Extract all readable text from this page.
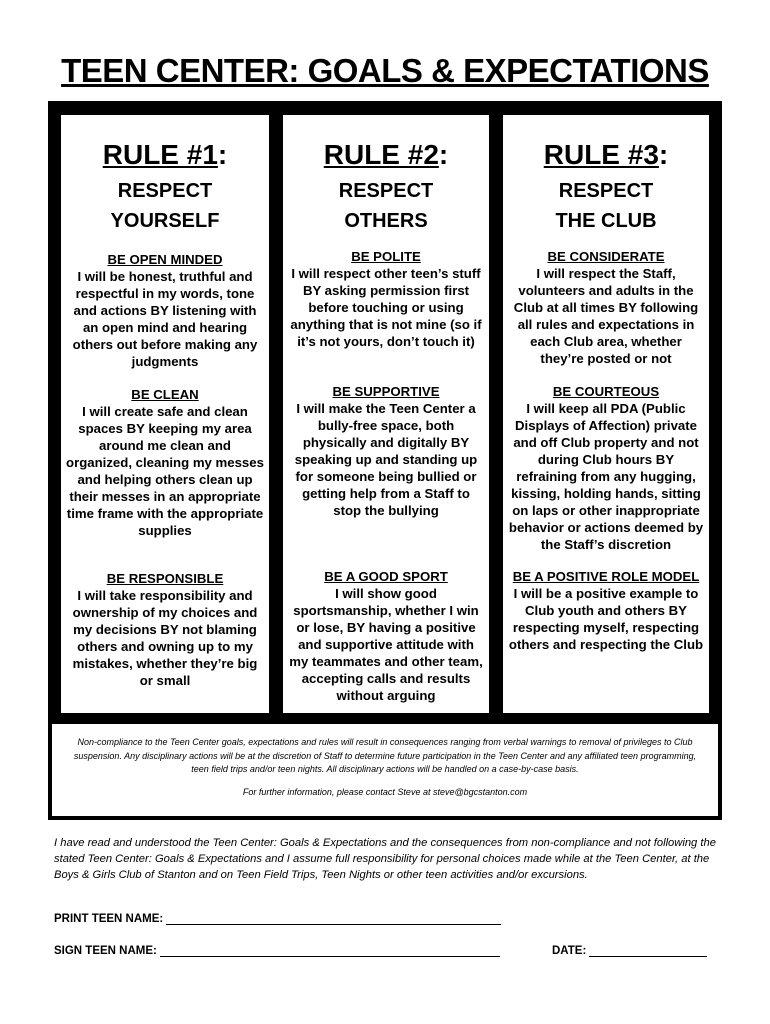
TEEN CENTER: GOALS & EXPECTATIONS
RULE #1:
RESPECT
YOURSELF
BE OPEN MINDED
I will be honest, truthful and respectful in my words, tone and actions BY listening with an open mind and hearing others out before making any judgments
BE CLEAN
I will create safe and clean spaces BY keeping my area around me clean and organized, cleaning my messes and helping others clean up their messes in an appropriate time frame with the appropriate supplies
BE RESPONSIBLE
I will take responsibility and ownership of my choices and my decisions BY not blaming others and owning up to my mistakes, whether they’re big or small
RULE #2:
RESPECT
OTHERS
BE POLITE
I will respect other teen’s stuff BY asking permission first before touching or using anything that is not mine (so if it’s not yours, don’t touch it)
BE SUPPORTIVE
I will make the Teen Center a bully-free space, both physically and digitally BY speaking up and standing up for someone being bullied or getting help from a Staff to stop the bullying
BE A GOOD SPORT
I will show good sportsmanship, whether I win or lose, BY having a positive and supportive attitude with my teammates and other team, accepting calls and results without arguing
RULE #3:
RESPECT
THE CLUB
BE CONSIDERATE
I will respect the Staff, volunteers and adults in the Club at all times BY following all rules and expectations in each Club area, whether they’re posted or not
BE COURTEOUS
I will keep all PDA (Public Displays of Affection) private and off Club property and not during Club hours BY refraining from any hugging, kissing, holding hands, sitting on laps or other inappropriate behavior or actions deemed by the Staff’s discretion
BE A POSITIVE ROLE MODEL
I will be a positive example to Club youth and others BY respecting myself, respecting others and respecting the Club
Non-compliance to the Teen Center goals, expectations and rules will result in consequences ranging from verbal warnings to removal of privileges to Club suspension. Any disciplinary actions will be at the discretion of Staff to determine future participation in the Teen Center and any affiliated teen programming, teen field trips and/or teen nights. All disciplinary actions will be handled on a case-by-case basis.
For further information, please contact Steve at steve@bgcstanton.com
I have read and understood the Teen Center: Goals & Expectations and the consequences from non-compliance and not following the stated Teen Center: Goals & Expectations and I assume full responsibility for personal choices made while at the Teen Center, at the Boys & Girls Club of Stanton and on Teen Field Trips, Teen Nights or other teen activities and/or excursions.
PRINT TEEN NAME:
SIGN TEEN NAME:	DATE:
